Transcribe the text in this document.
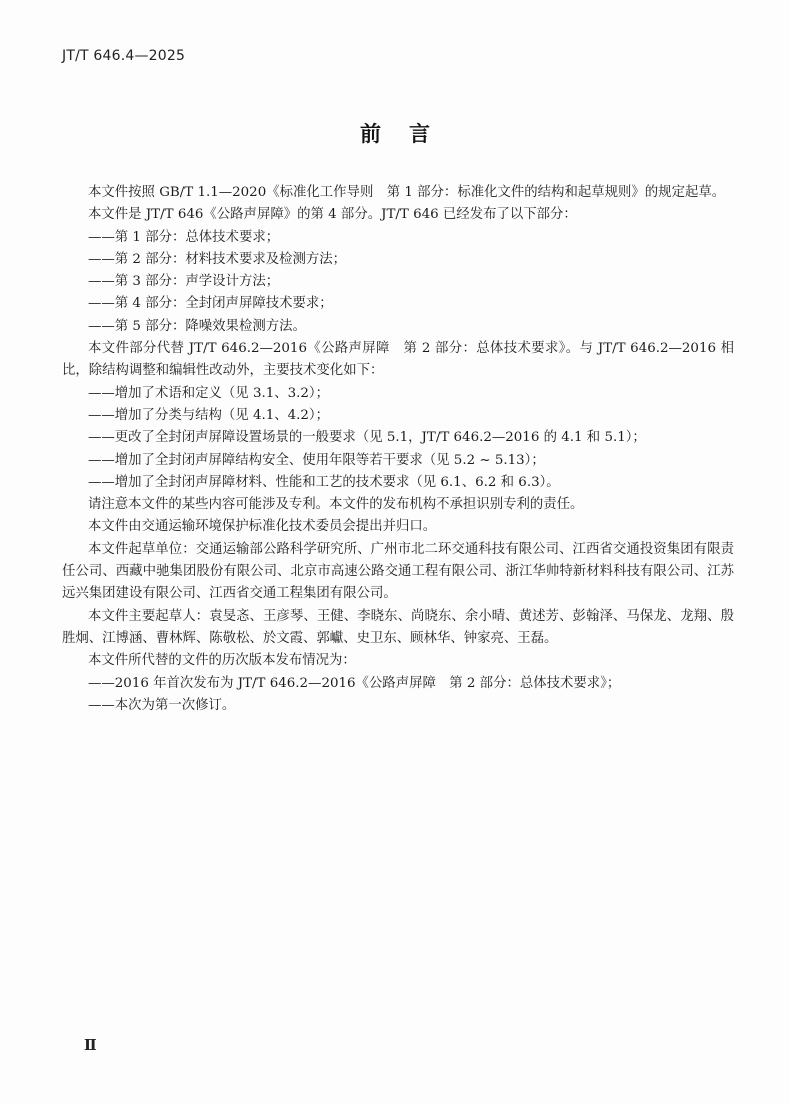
JT/T 646.4—2025
前言

本文件按照 GB/T 1.1—2020《标准化工作导则　第 1 部分：标准化文件的结构和起草规则》的规定起草。

本文件是 JT/T 646《公路声屏障》的第 4 部分。JT/T 646 已经发布了以下部分：

——第 1 部分：总体技术要求；

——第 2 部分：材料技术要求及检测方法；

——第 3 部分：声学设计方法；

——第 4 部分：全封闭声屏障技术要求；

——第 5 部分：降噪效果检测方法。

本文件部分代替 JT/T 646.2—2016《公路声屏障　第 2 部分：总体技术要求》。与 JT/T 646.2—2016 相比，除结构调整和编辑性改动外，主要技术变化如下：

——增加了术语和定义（见 3.1、3.2）；

——增加了分类与结构（见 4.1、4.2）；

——更改了全封闭声屏障设置场景的一般要求（见 5.1，JT/T 646.2—2016 的 4.1 和 5.1）；

——增加了全封闭声屏障结构安全、使用年限等若干要求（见 5.2 ~ 5.13）；

——增加了全封闭声屏障材料、性能和工艺的技术要求（见 6.1、6.2 和 6.3）。

请注意本文件的某些内容可能涉及专利。本文件的发布机构不承担识别专利的责任。

本文件由交通运输环境保护标准化技术委员会提出并归口。

本文件起草单位：交通运输部公路科学研究所、广州市北二环交通科技有限公司、江西省交通投资集团有限责任公司、西藏中驰集团股份有限公司、北京市高速公路交通工程有限公司、浙江华帅特新材料科技有限公司、江苏远兴集团建设有限公司、江西省交通工程集团有限公司。

本文件主要起草人：袁旻忞、王彦琴、王健、李晓东、尚晓东、余小晴、黄述芳、彭翰泽、马保龙、龙翔、殷胜炯、江博涵、曹林辉、陈敬松、於文霞、郭巘、史卫东、顾林华、钟家亮、王磊。

本文件所代替的文件的历次版本发布情况为：

——2016 年首次发布为 JT/T 646.2—2016《公路声屏障　第 2 部分：总体技术要求》；

——本次为第一次修订。

Ⅱ
